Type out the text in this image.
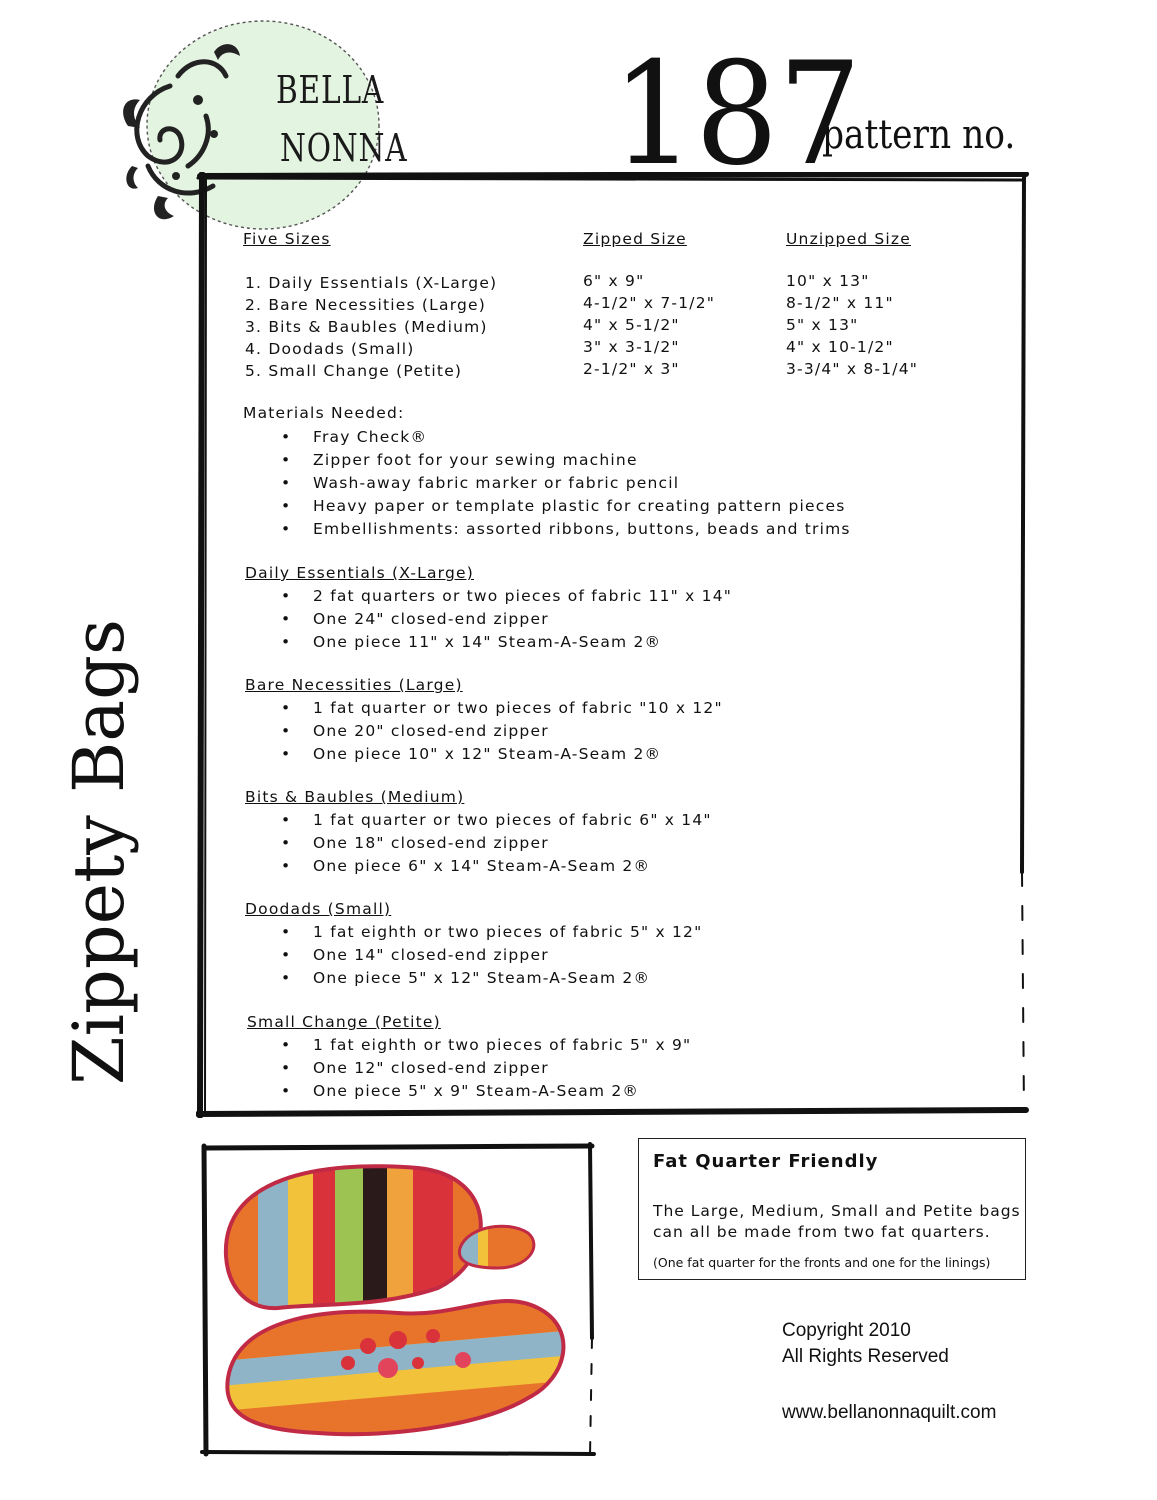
BELLA
NONNA 187
pattern no.
Zippety Bags
Five Sizes	Zipped Size	Unzipped Size
1. Daily Essentials (X-Large)	6" x 9"	10" x 13"
2. Bare Necessities (Large)	4-1/2" x 7-1/2"	8-1/2" x 11"
3. Bits & Baubles (Medium)	4" x 5-1/2"	5" x 13"
4. Doodads (Small)	3" x 3-1/2"	4" x 10-1/2"
5. Small Change (Petite)	2-1/2" x 3"	3-3/4" x 8-1/4"
Materials Needed:
• Fray Check®
• Zipper foot for your sewing machine
• Wash-away fabric marker or fabric pencil
• Heavy paper or template plastic for creating pattern pieces
• Embellishments: assorted ribbons, buttons, beads and trims
Daily Essentials (X-Large)
• 2 fat quarters or two pieces of fabric 11" x 14"
• One 24" closed-end zipper
• One piece 11" x 14" Steam-A-Seam 2®
Bare Necessities (Large)
• 1 fat quarter or two pieces of fabric "10 x 12"
• One 20" closed-end zipper
• One piece 10" x 12" Steam-A-Seam 2®
Bits & Baubles (Medium)
• 1 fat quarter or two pieces of fabric 6" x 14"
• One 18" closed-end zipper
• One piece 6" x 14" Steam-A-Seam 2®
Doodads (Small)
• 1 fat eighth or two pieces of fabric 5" x 12"
• One 14" closed-end zipper
• One piece 5" x 12" Steam-A-Seam 2®
Small Change (Petite)
• 1 fat eighth or two pieces of fabric 5" x 9"
• One 12" closed-end zipper
• One piece 5" x 9" Steam-A-Seam 2®
Fat Quarter Friendly
The Large, Medium, Small and Petite bags
can all be made from two fat quarters.
(One fat quarter for the fronts and one for the linings)
Copyright 2010
All Rights Reserved
www.bellanonnaquilt.com
